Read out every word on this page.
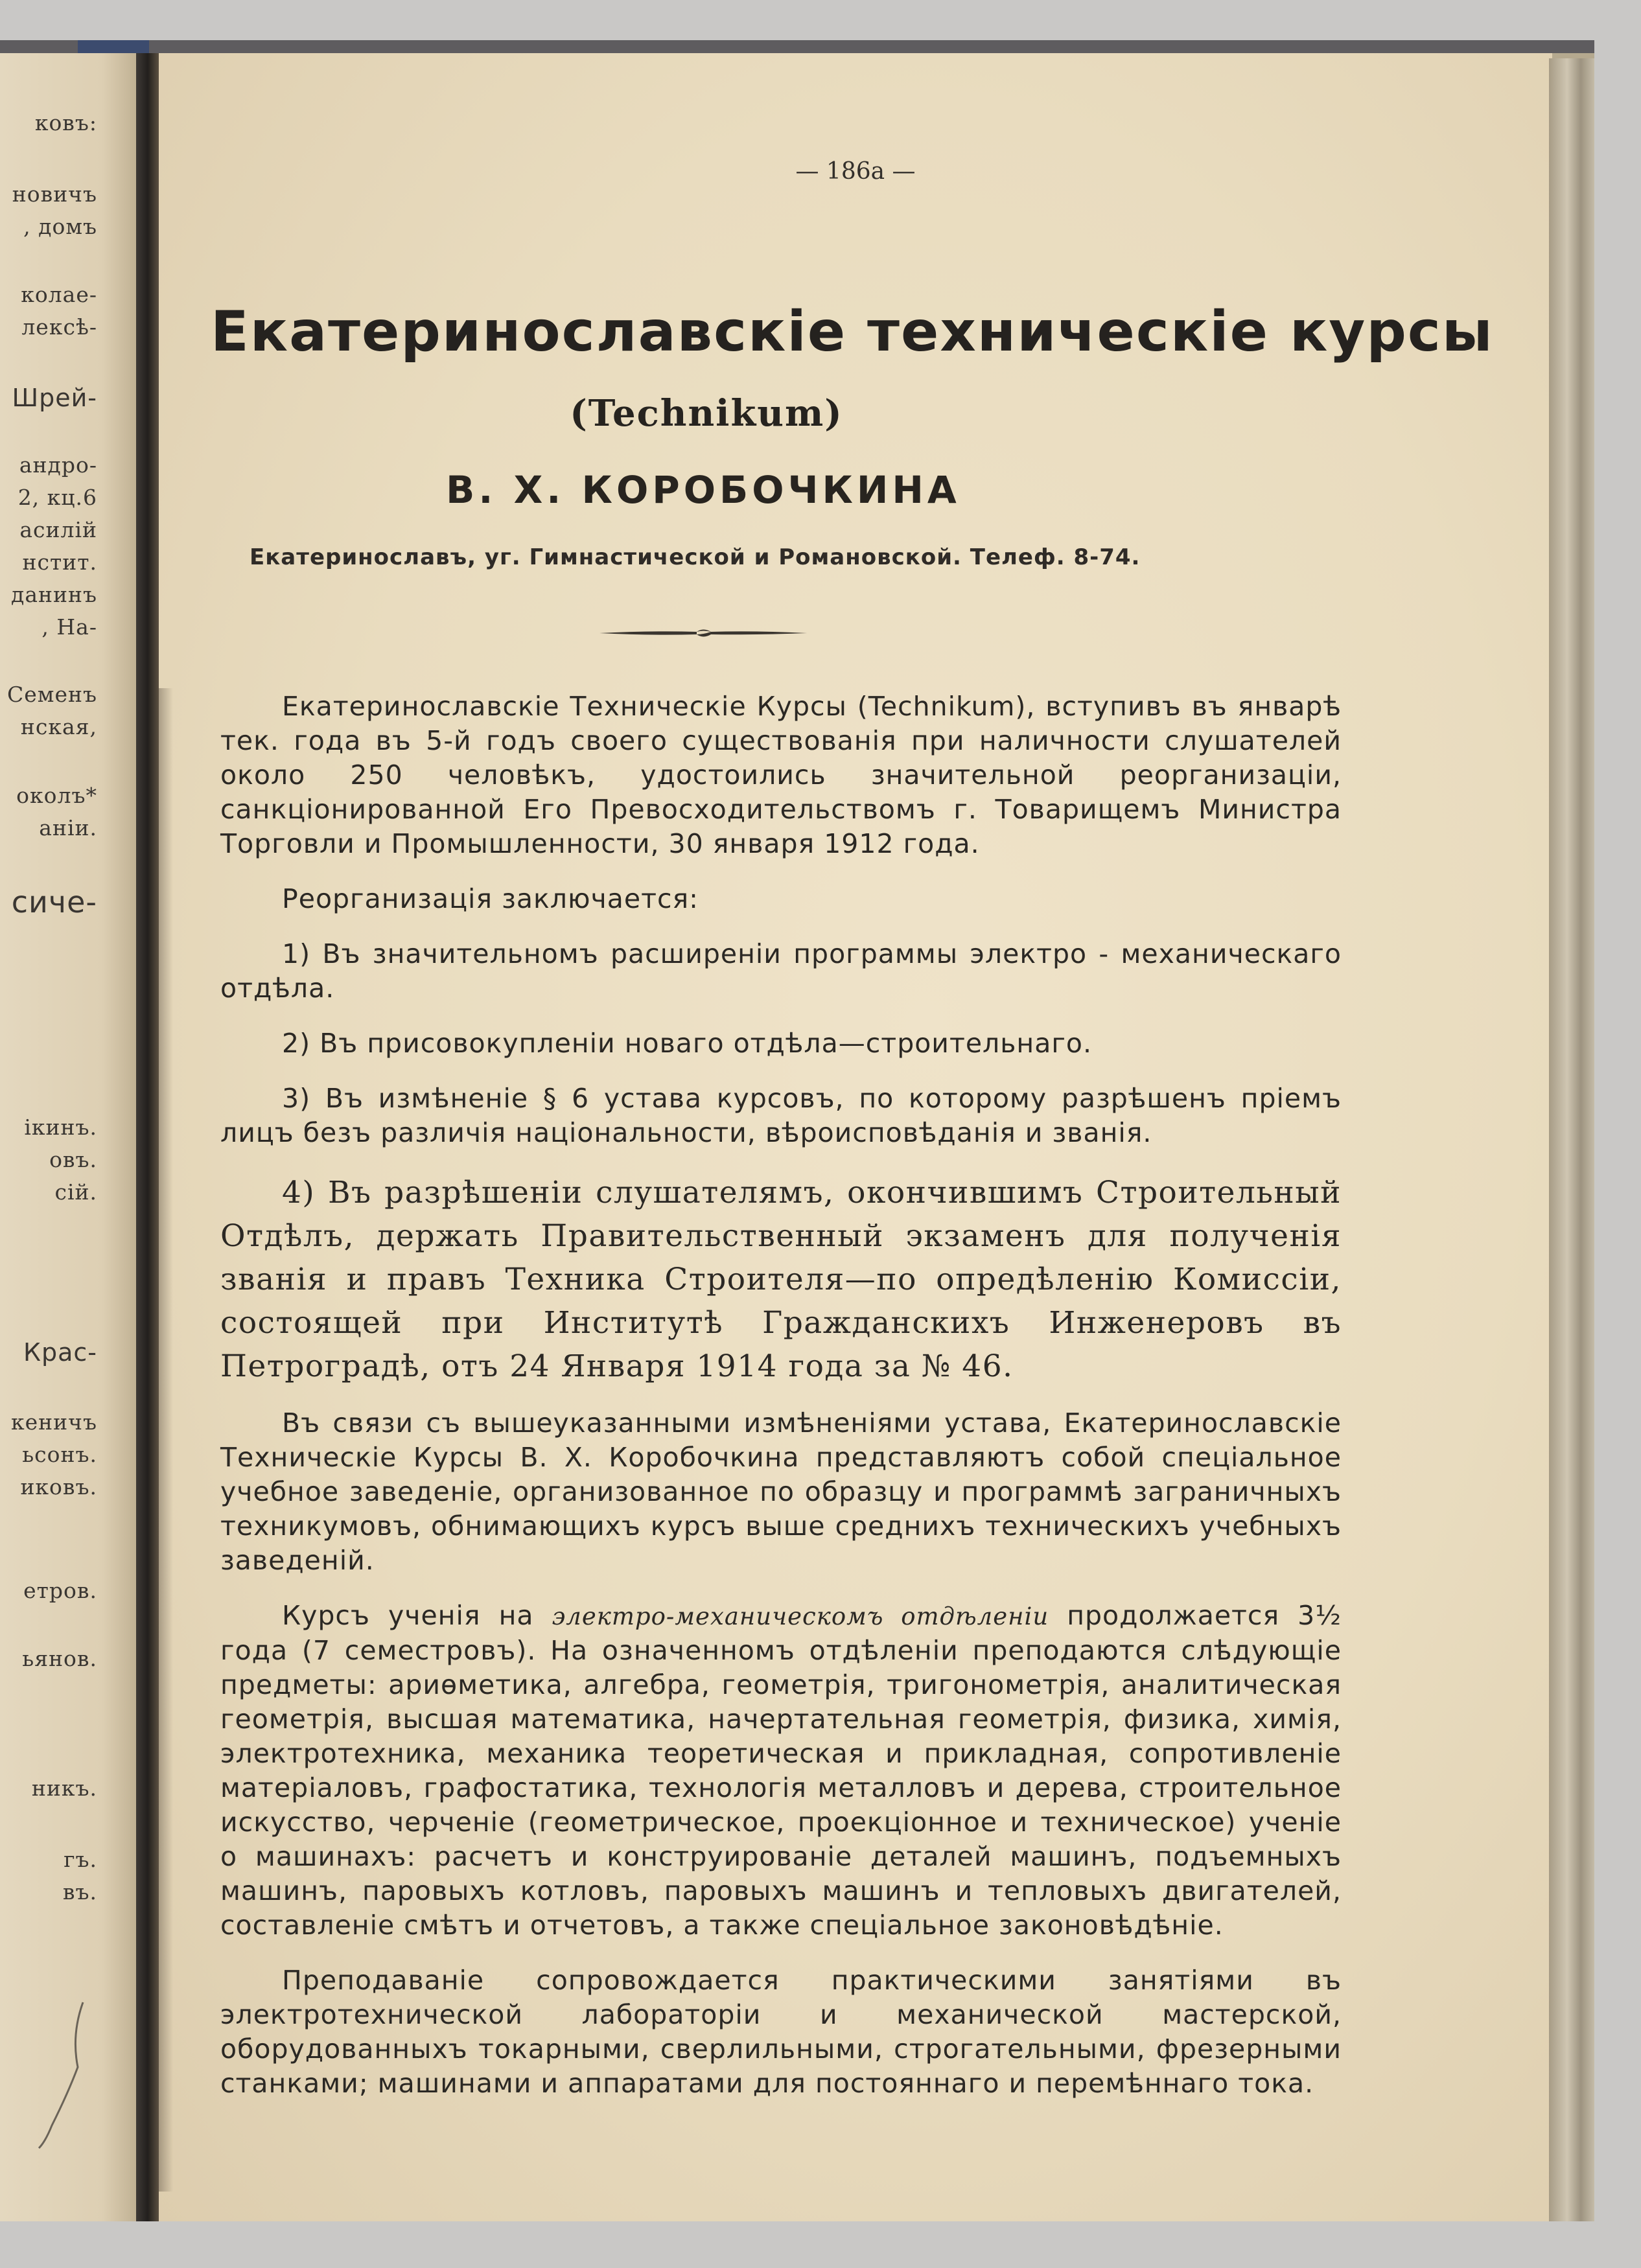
ковъ:
новичъ
, домъ
колае-
лексѣ-
Шрей-
андро-
2, кц.6
асилій
нстит.
данинъ
, На-
Семенъ
нская,
околъ*
аніи.
сиче-
ікинъ.
овъ.
сій.
Крас-
кеничъ
ьсонъ.
иковъ.
етров.
ьянов.
никъ.
гъ.
въ.
— 186а —
Екатеринославскіе техническіе курсы
(Technikum)
В. Х. КОРОБОЧКИНА
Екатеринославъ, уг. Гимнастической и Романовской. Телеф. 8-74.

Екатеринославскіе Техническіе Курсы (Technikum), вступивъ въ январѣ тек. года въ 5-й годъ своего существованія при наличности слушателей около 250 человѣкъ, удостоились значительной реорганизаціи, санкціонированной Его Превосходительствомъ г. Товарищемъ Министра Торговли и Промышленности, 30 января 1912 года.

Реорганизація заключается:

1) Въ значительномъ расширеніи программы электро - механическаго отдѣла.

2) Въ присовокупленіи новаго отдѣла—строительнаго.

3) Въ измѣненіе § 6 устава курсовъ, по которому разрѣшенъ пріемъ лицъ безъ различія національности, вѣроисповѣданія и званія.

4) Въ разрѣшеніи слушателямъ, окончившимъ Строительный Отдѣлъ, держать Правительственный экзаменъ для полученія званія и правъ Техника Строителя—по опредѣленію Комиссіи, состоящей при Институтѣ Гражданскихъ Инженеровъ въ Петроградѣ, отъ 24 Января 1914 года за № 46.

Въ связи съ вышеуказанными измѣненіями устава, Екатеринославскіе Техническіе Курсы В. Х. Коробочкина представляютъ собой спеціальное учебное заведеніе, организованное по образцу и программѣ заграничныхъ техникумовъ, обнимающихъ курсъ выше среднихъ техническихъ учебныхъ заведеній.

Курсъ ученія на электро-механическомъ отдѣленіи продолжается 3½ года (7 семестровъ). На означенномъ отдѣленіи преподаются слѣдующіе предметы: ариѳметика, алгебра, геометрія, тригонометрія, аналитическая геометрія, высшая математика, начертательная геометрія, физика, химія, электротехника, механика теоретическая и прикладная, сопротивленіе матеріаловъ, графостатика, технологія металловъ и дерева, строительное искусство, черченіе (геометрическое, проекціонное и техническое) ученіе о машинахъ: расчетъ и конструированіе деталей машинъ, подъемныхъ машинъ, паровыхъ котловъ, паровыхъ машинъ и тепловыхъ двигателей, составленіе смѣтъ и отчетовъ, а также спеціальное законовѣдѣніе.

Преподаваніе сопровождается практическими занятіями въ электротехнической лабораторіи и механической мастерской, оборудованныхъ токарными, сверлильными, строгательными, фрезерными станками; машинами и аппаратами для постояннаго и перемѣннаго тока.
